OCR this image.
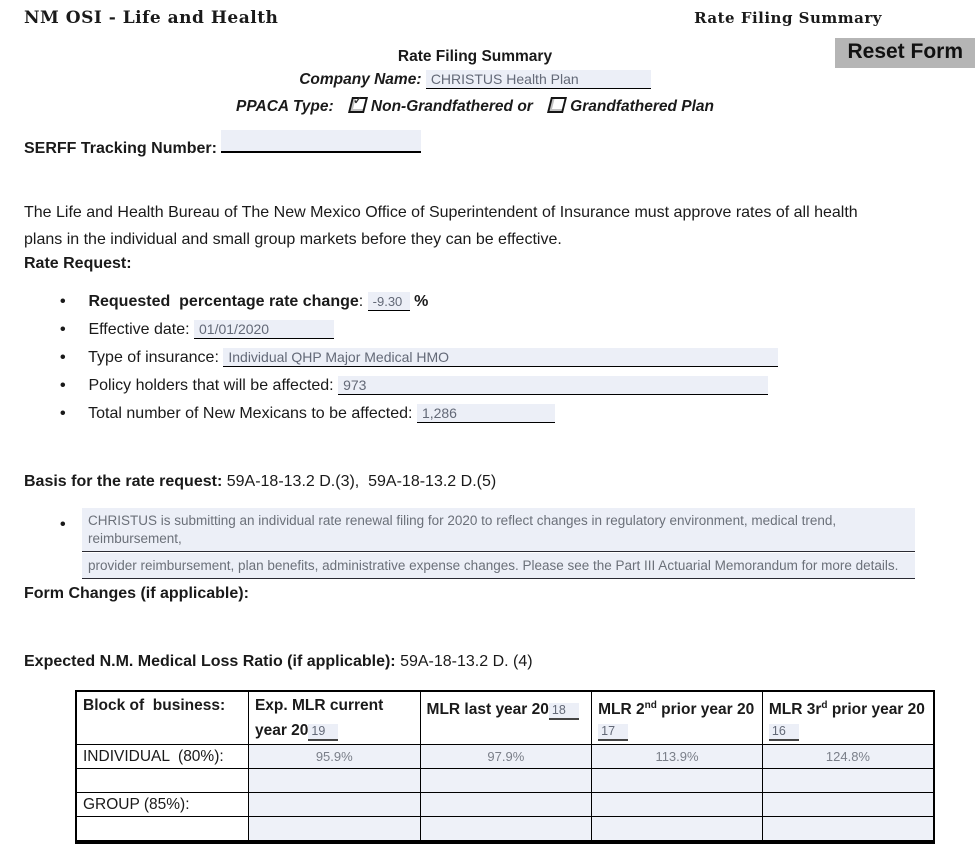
NM OSI - Life and Health	Rate Filing Summary
Reset Form
Rate Filing Summary
Company Name: CHRISTUS Health Plan
PPACA Type: ✓ Non-Grandfathered or Grandfathered Plan
SERFF Tracking Number:

The Life and Health Bureau of The New Mexico Office of Superintendent of Insurance must approve rates of all health plans in the individual and small group markets before they can be effective.

Rate Request:
• Requested  percentage rate change: -9.30 %
• Effective date: 01/01/2020
• Type of insurance: Individual QHP Major Medical HMO
• Policy holders that will be affected: 973
• Total number of New Mexicans to be affected: 1,286
Basis for the rate request: 59A-18-13.2 D.(3),  59A-18-13.2 D.(5)
•	CHRISTUS is submitting an individual rate renewal filing for 2020 to reflect changes in regulatory environment, medical trend, reimbursement,
provider reimbursement, plan benefits, administrative expense changes. Please see the Part III Actuarial Memorandum for more details.
Form Changes (if applicable):
Expected N.M. Medical Loss Ratio (if applicable): 59A-18-13.2 D. (4)
Block of  business:	Exp. MLR current year 20 19	MLR last year 20 18	MLR 2nd prior year 2017	MLR $3r^d$ prior year 2016
INDIVIDUAL  (80%):	95.9%	97.9%	113.9%	124.8%

GROUP (85%):				
